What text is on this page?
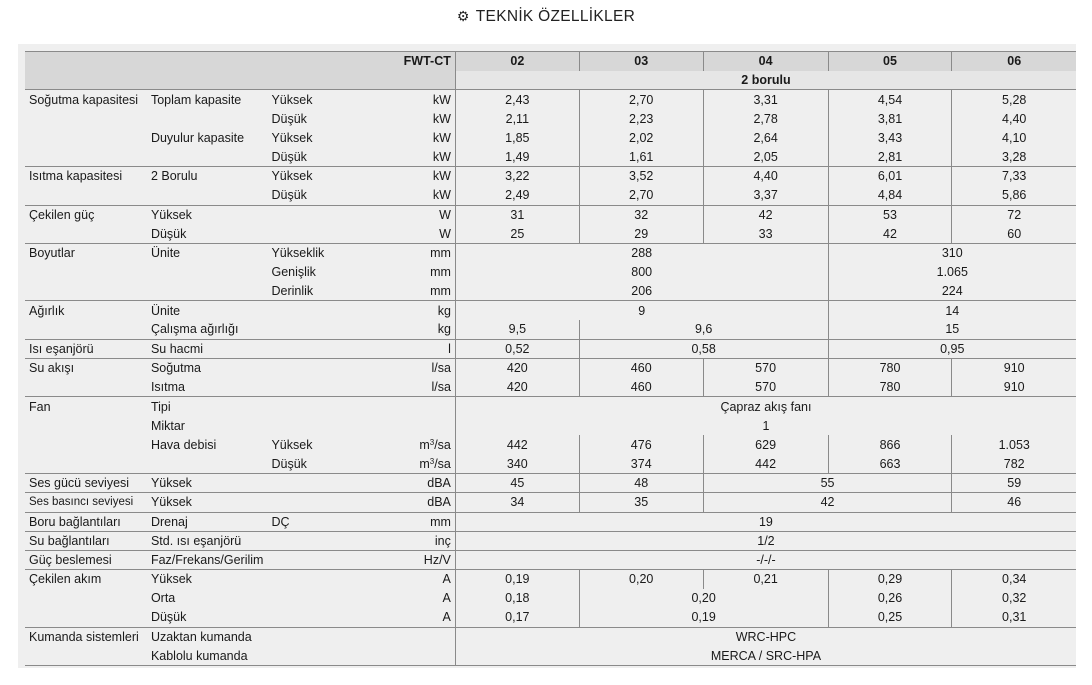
⚙ TEKNİK ÖZELLİKLER
FWT-CT				02	03	04	05	06
				2 borulu				
Soğutma kapasitesi	Toplam kapasite	Yüksek	kW	2,43	2,70	3,31	4,54	5,28
		Düşük	kW	2,11	2,23	2,78	3,81	4,40
	Duyulur kapasite	Yüksek	kW	1,85	2,02	2,64	3,43	4,10
		Düşük	kW	1,49	1,61	2,05	2,81	3,28
Isıtma kapasitesi	2 Borulu	Yüksek	kW	3,22	3,52	4,40	6,01	7,33
		Düşük	kW	2,49	2,70	3,37	4,84	5,86
Çekilen güç	Yüksek		W	31	32	42	53	72
	Düşük		W	25	29	33	42	60
Boyutlar	Ünite	Yükseklik	mm	288			310	
		Genişlik	mm	800			1.065	
		Derinlik	mm	206			224	
Ağırlık	Ünite		kg	9			14	
	Çalışma ağırlığı		kg	9,5	9,6		15	
Isı eşanjörü	Su hacmi		l	0,52	0,58		0,95	
Su akışı	Soğutma		l/sa	420	460	570	780	910
	Isıtma		l/sa	420	460	570	780	910
Fan	Tipi			Çapraz akış fanı				
	Miktar			1				
	Hava debisi	Yüksek	$m^3/sa$	442	476	629	866	1.053
		Düşük	$m^3/sa$	340	374	442	663	782
Ses gücü seviyesi	Yüksek		dBA	45	48	55		59
Ses basıncı seviyesi	Yüksek		dBA	34	35	42		46
Boru bağlantıları	Drenaj	DÇ	mm	19				
Su bağlantıları	Std. ısı eşanjörü		inç	1/2				
Güç beslemesi	Faz/Frekans/Gerilim		Hz/V	-/-/-				
Çekilen akım	Yüksek		A	0,19	0,20	0,21	0,29	0,34
	Orta		A	0,18	0,20		0,26	0,32
	Düşük		A	0,17	0,19		0,25	0,31
Kumanda sistemleri	Uzaktan kumanda			WRC-HPC				
	Kablolu kumanda			MERCA / SRC-HPA				
